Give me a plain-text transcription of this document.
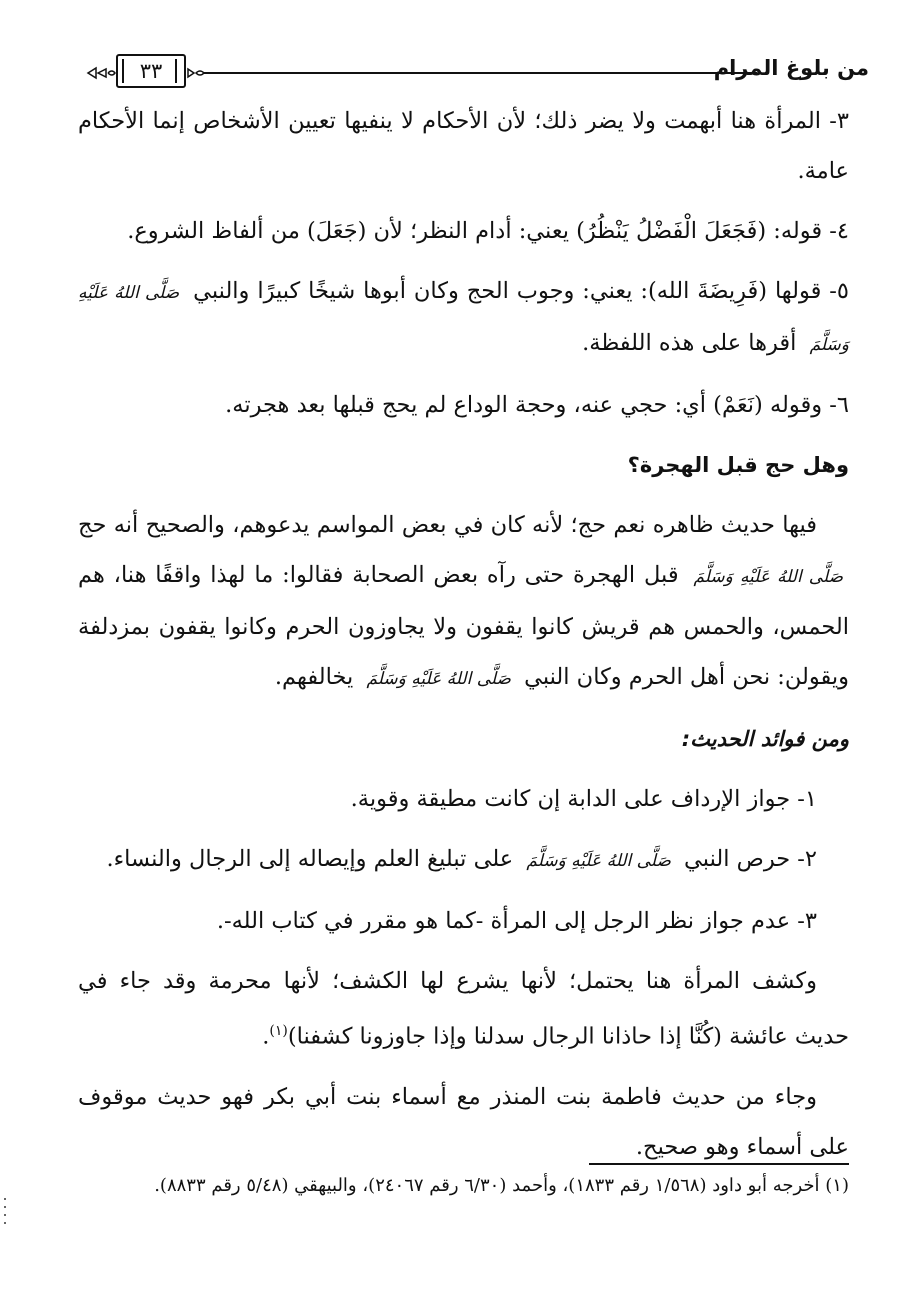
من بلوغ المرام
٣٣

٣- المرأة هنا أبهمت ولا يضر ذلك؛ لأن الأحكام لا ينفيها تعيين الأشخاص إنما الأحكام عامة.

٤- قوله: (فَجَعَلَ الْفَضْلُ يَنْظُرُ) يعني: أدام النظر؛ لأن (جَعَلَ) من ألفاظ الشروع.

٥- قولها (فَرِيضَةَ الله): يعني: وجوب الحج وكان أبوها شيخًا كبيرًا والنبي صَلَّى اللهُ عَلَيْهِ وَسَلَّمَ أقرها على هذه اللفظة.

٦- وقوله (نَعَمْ) أي: حجي عنه، وحجة الوداع لم يحج قبلها بعد هجرته.

وهل حج قبل الهجرة؟

فيها حديث ظاهره نعم حج؛ لأنه كان في بعض المواسم يدعوهم، والصحيح أنه حج صَلَّى اللهُ عَلَيْهِ وَسَلَّمَ قبل الهجرة حتى رآه بعض الصحابة فقالوا: ما لهذا واقفًا هنا، هم الحمس، والحمس هم قريش كانوا يقفون ولا يجاوزون الحرم وكانوا يقفون بمزدلفة ويقولن: نحن أهل الحرم وكان النبي صَلَّى اللهُ عَلَيْهِ وَسَلَّمَ يخالفهم.

ومن فوائد الحديث:

١- جواز الإرداف على الدابة إن كانت مطيقة وقوية.

٢- حرص النبي صَلَّى اللهُ عَلَيْهِ وَسَلَّمَ على تبليغ العلم وإيصاله إلى الرجال والنساء.

٣- عدم جواز نظر الرجل إلى المرأة -كما هو مقرر في كتاب الله-.

وكشف المرأة هنا يحتمل؛ لأنها يشرع لها الكشف؛ لأنها محرمة وقد جاء في حديث عائشة (كُنَّا إذا حاذانا الرجال سدلنا وإذا جاوزونا كشفنا)$^{(١)}$.

وجاء من حديث فاطمة بنت المنذر مع أسماء بنت أبي بكر فهو حديث موقوف على أسماء وهو صحيح.

(١) أخرجه أبو داود (١/٥٦٨ رقم ١٨٣٣)، وأحمد (٦/٣٠ رقم ٢٤٠٦٧)، والبيهقي (٥/٤٨ رقم ٨٨٣٣).
